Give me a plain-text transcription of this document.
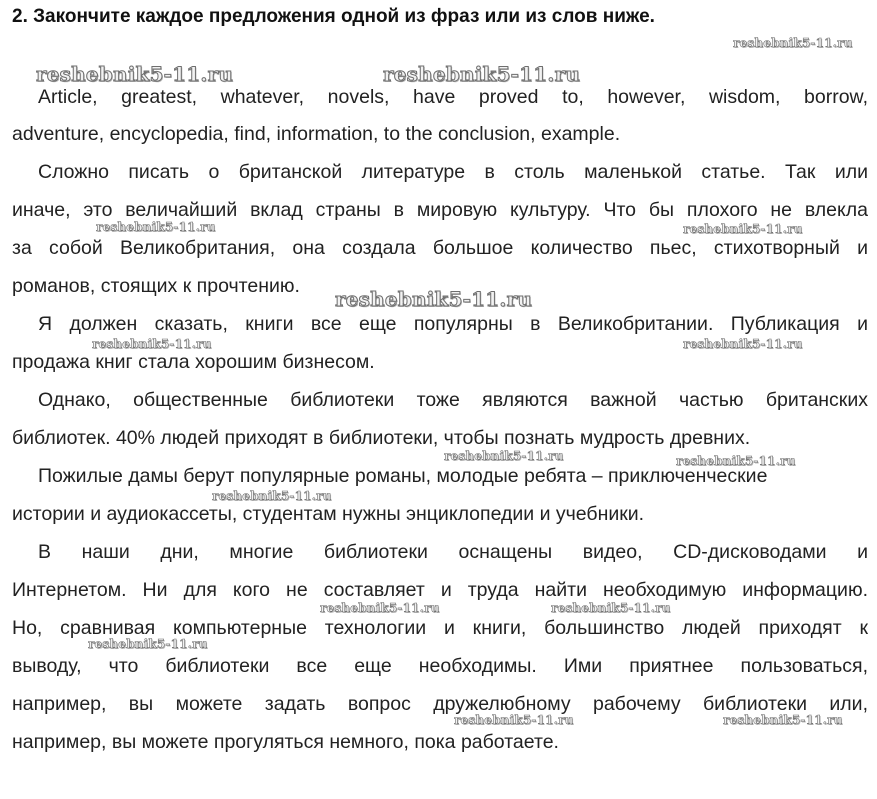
2. Закончите каждое предложения одной из фраз или из слов ниже.
Article, greatest, whatever, novels, have proved to, however, wisdom, borrow,
adventure, encyclopedia, find, information, to the conclusion, example.
Сложно писать о британской литературе в столь маленькой статье. Так или
иначе, это величайший вклад страны в мировую культуру. Что бы плохого не влекла
за собой Великобритания, она создала большое количество пьес, стихотворный и
романов, стоящих к прочтению.
Я должен сказать, книги все еще популярны в Великобритании. Публикация и
продажа книг стала хорошим бизнесом.
Однако, общественные библиотеки тоже являются важной частью британских
библиотек. 40% людей приходят в библиотеки, чтобы познать мудрость древних.
Пожилые дамы берут популярные романы, молодые ребята – приключенческие
истории и аудиокассеты, студентам нужны энциклопедии и учебники.
В наши дни, многие библиотеки оснащены видео, CD-дисководами и
Интернетом. Ни для кого не составляет и труда найти необходимую информацию.
Но, сравнивая компьютерные технологии и книги, большинство людей приходят к
выводу, что библиотеки все еще необходимы. Ими приятнее пользоваться,
например, вы можете задать вопрос дружелюбному рабочему библиотеки или,
например, вы можете прогуляться немного, пока работаете.
reshebnik5-11.ru
reshebnik5-11.ru	reshebnik5-11.ru
reshebnik5-11.ru	reshebnik5-11.ru
reshebnik5-11.ru
reshebnik5-11.ru	reshebnik5-11.ru
reshebnik5-11.ru	reshebnik5-11.ru
reshebnik5-11.ru
reshebnik5-11.ru	reshebnik5-11.ru
reshebnik5-11.ru
reshebnik5-11.ru	reshebnik5-11.ru
